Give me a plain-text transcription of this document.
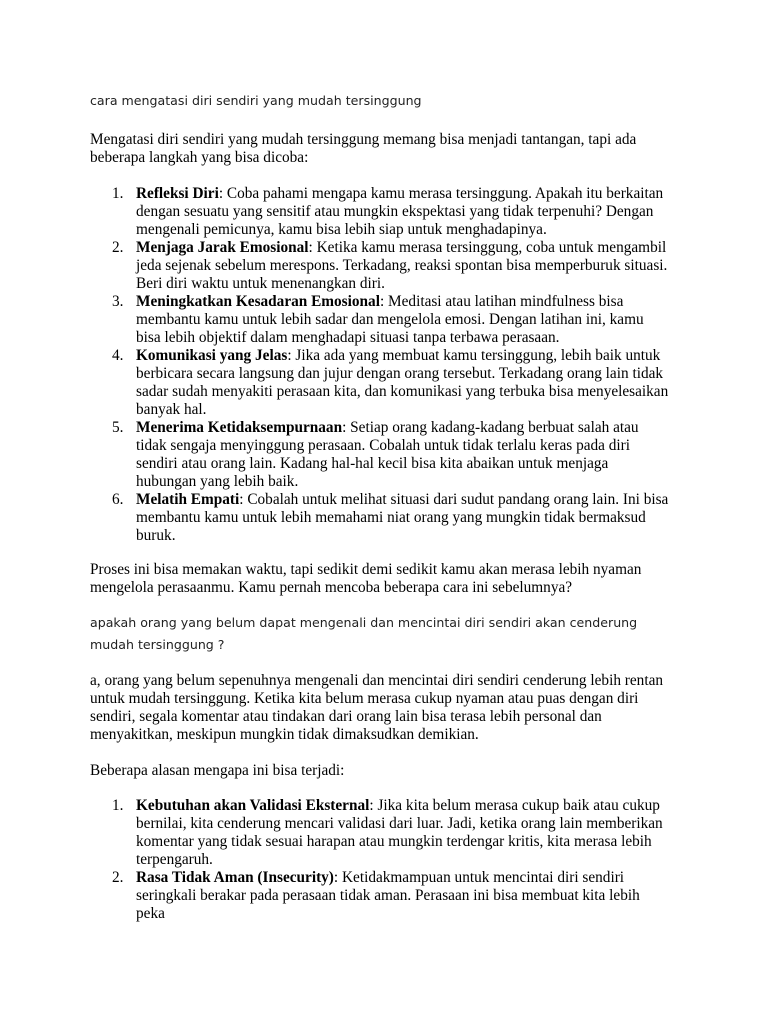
cara mengatasi diri sendiri yang mudah tersinggung

Mengatasi diri sendiri yang mudah tersinggung memang bisa menjadi tantangan, tapi ada beberapa langkah yang bisa dicoba:

1. Refleksi Diri: Coba pahami mengapa kamu merasa tersinggung. Apakah itu berkaitan dengan sesuatu yang sensitif atau mungkin ekspektasi yang tidak terpenuhi? Dengan mengenali pemicunya, kamu bisa lebih siap untuk menghadapinya.
2. Menjaga Jarak Emosional: Ketika kamu merasa tersinggung, coba untuk mengambil jeda sejenak sebelum merespons. Terkadang, reaksi spontan bisa memperburuk situasi. Beri diri waktu untuk menenangkan diri.
3. Meningkatkan Kesadaran Emosional: Meditasi atau latihan mindfulness bisa membantu kamu untuk lebih sadar dan mengelola emosi. Dengan latihan ini, kamu bisa lebih objektif dalam menghadapi situasi tanpa terbawa perasaan.
4. Komunikasi yang Jelas: Jika ada yang membuat kamu tersinggung, lebih baik untuk berbicara secara langsung dan jujur dengan orang tersebut. Terkadang orang lain tidak sadar sudah menyakiti perasaan kita, dan komunikasi yang terbuka bisa menyelesaikan banyak hal.
5. Menerima Ketidaksempurnaan: Setiap orang kadang-kadang berbuat salah atau tidak sengaja menyinggung perasaan. Cobalah untuk tidak terlalu keras pada diri sendiri atau orang lain. Kadang hal-hal kecil bisa kita abaikan untuk menjaga hubungan yang lebih baik.
6. Melatih Empati: Cobalah untuk melihat situasi dari sudut pandang orang lain. Ini bisa membantu kamu untuk lebih memahami niat orang yang mungkin tidak bermaksud buruk.

Proses ini bisa memakan waktu, tapi sedikit demi sedikit kamu akan merasa lebih nyaman mengelola perasaanmu. Kamu pernah mencoba beberapa cara ini sebelumnya?

apakah orang yang belum dapat mengenali dan mencintai diri sendiri akan cenderung mudah tersinggung ?

a, orang yang belum sepenuhnya mengenali dan mencintai diri sendiri cenderung lebih rentan untuk mudah tersinggung. Ketika kita belum merasa cukup nyaman atau puas dengan diri sendiri, segala komentar atau tindakan dari orang lain bisa terasa lebih personal dan menyakitkan, meskipun mungkin tidak dimaksudkan demikian.

Beberapa alasan mengapa ini bisa terjadi:

1. Kebutuhan akan Validasi Eksternal: Jika kita belum merasa cukup baik atau cukup bernilai, kita cenderung mencari validasi dari luar. Jadi, ketika orang lain memberikan komentar yang tidak sesuai harapan atau mungkin terdengar kritis, kita merasa lebih terpengaruh.
2. Rasa Tidak Aman (Insecurity): Ketidakmampuan untuk mencintai diri sendiri seringkali berakar pada perasaan tidak aman. Perasaan ini bisa membuat kita lebih peka
